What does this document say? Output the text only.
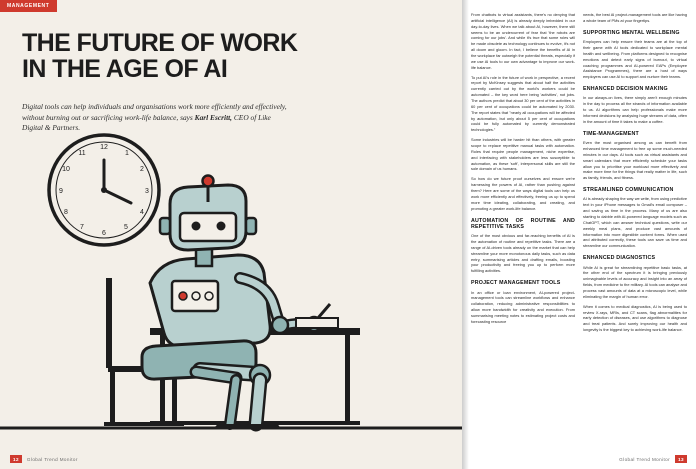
MANAGEMENT
THE FUTURE OF WORK IN THE AGE OF AI
Digital tools can help individuals and organisations work more efficiently and effectively, without burning out or sacrificing work-life balance, says Karl Escritt, CEO of Like Digital & Partners.
12
1
2
3
4
5
6
7
8
9
10
11
12	Global Trend Monitor

From chatbots to virtual assistants, there's no denying that artificial intelligence (AI) is already deeply imbedded in our day-to-day lives. When we talk about AI, however, there still seems to be an undercurrent of fear that 'the robots are coming for our jobs'. And while it's true that some roles will be made obsolete as technology continues to evolve, it's not all doom and gloom. In fact, I believe the benefits of AI in the workplace far outweigh the potential threats, especially if we use AI tools to our own advantage to improve our work-life balance.

To put AI's role in the future of work in perspective, a recent report by McKinsey suggests that about half the activities currently carried out by the world's workers could be automated – the key word here being 'activities', not jobs. The authors predict that about 30 per cent of the activities in 60 per cent of occupations could be automated by 2030. The report states that "nearly all occupations will be affected by automation, but only about 5 per cent of occupations could be fully automated by currently demonstrated technologies."

Some industries will be harder hit than others, with greater scope to replace repetitive manual tasks with automation. Roles that require people management, niche expertise, and interfacing with stakeholders are less susceptible to automation, as these 'soft', interpersonal skills are still the sole domain of us humans.

So how do we future proof ourselves and ensure we're harnessing the powers of AI, rather than pushing against them? Here are some of the ways digital tools can help us work more efficiently and effectively, freeing us up to spend more time ideating, collaborating, and creating, and promoting a greater work-life balance.

AUTOMATION OF ROUTINE AND REPETITIVE TASKS

One of the most obvious and far-reaching benefits of AI is the automation of routine and repetitive tasks. There are a range of AI-driven tools already on the market that can help streamline your more monotonous daily tasks, such as data entry, summarising articles and drafting emails, boosting your productivity and freeing you up to perform more fulfilling activities.

PROJECT MANAGEMENT TOOLS

In an office or loan environment, AI-powered project-management tools can streamline workflows and enhance collaboration, reducing administrative responsibilities to allow more bandwidth for creativity and execution. From summarising meeting notes to estimating project costs and forecasting resource

needs, the best AI project-management tools are like having a whole team of PMs at your fingertips.

SUPPORTING MENTAL WELLBEING

Employers can help ensure their teams are at the top of their game with AI tools dedicated to workplace mental health and wellbeing. From platforms designed to recognise emotions and detect early signs of burnout, to virtual coaching programmes and AI-powered EAPs (Employee Assistance Programmes), there are a host of ways employers can use AI to support and nurture their teams.

ENHANCED DECISION MAKING

In our always-on lives, there simply aren't enough minutes in the day to process all the strands of information available to us. AI algorithms can help professionals make more informed decisions by analysing huge streams of data, often in the amount of time it takes to make a coffee.

TIME-MANAGEMENT

Even the most organised among us can benefit from enhanced time management to free up some much-needed minutes in our days. AI tools such as virtual assistants and smart calendars that more efficiently schedule your tasks allow you to prioritise your workload more effectively and make more time for the things that really matter in life, such as family, friends, and fitness.

STREAMLINED COMMUNICATION

AI is already shaping the way we write, from using predictive text in your iPhone messages to Gmail's email composer – and saving us time in the process. Many of us are also starting to dabble with AI-powered language models such as ChatGPT, which can answer technical questions, write our weekly meal plans, and produce vast amounts of information into more digestible content forms. When used and attributed correctly, these tools can save us time and streamline our communication.

ENHANCED DIAGNOSTICS

While AI is great for streamlining repetitive basic tasks, at the other end of the spectrum it is bringing previously unimaginable levels of accuracy and insight into an array of fields, from medicine to the military. AI tools can analyse and process vast amounts of data at a microscopic level, while eliminating the margin of human error.

When it comes to medical diagnostics, AI is being used to review X-rays, MRIs, and CT scans, flag abnormalities for early detection of diseases, and use algorithms to diagnose and treat patients. And surely improving our health and longevity is the biggest key to achieving work-life balance.

Global Trend Monitor	13
